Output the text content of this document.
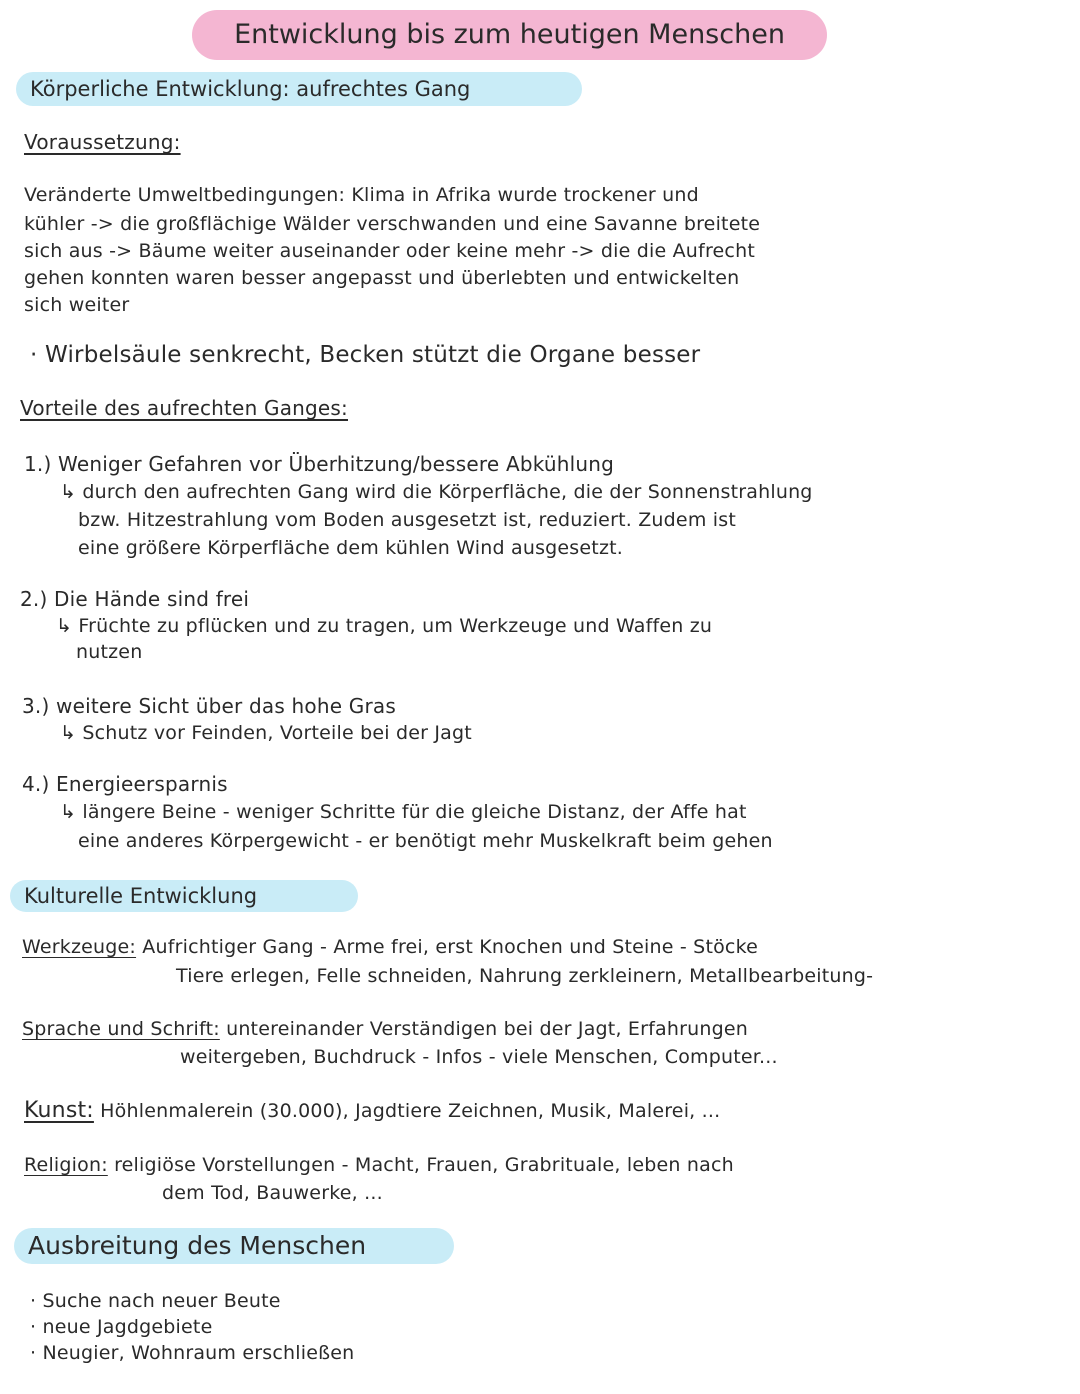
Entwicklung bis zum heutigen Menschen
Körperliche Entwicklung: aufrechtes Gang
Voraussetzung:
Veränderte Umweltbedingungen: Klima in Afrika wurde trockener und
kühler -> die großflächige Wälder verschwanden und eine Savanne breitete
sich aus -> Bäume weiter auseinander oder keine mehr -> die die Aufrecht
gehen konnten waren besser angepasst und überlebten und entwickelten
sich weiter
· Wirbelsäule senkrecht, Becken stützt die Organe besser
Vorteile des aufrechten Ganges:
1.) Weniger Gefahren vor Überhitzung/bessere Abkühlung
↳ durch den aufrechten Gang wird die Körperfläche, die der Sonnenstrahlung
bzw. Hitzestrahlung vom Boden ausgesetzt ist, reduziert. Zudem ist
eine größere Körperfläche dem kühlen Wind ausgesetzt.
2.) Die Hände sind frei
↳ Früchte zu pflücken und zu tragen, um Werkzeuge und Waffen zu
nutzen
3.) weitere Sicht über das hohe Gras
↳ Schutz vor Feinden, Vorteile bei der Jagt
4.) Energieersparnis
↳ längere Beine - weniger Schritte für die gleiche Distanz, der Affe hat
eine anderes Körpergewicht - er benötigt mehr Muskelkraft beim gehen
Kulturelle Entwicklung
Werkzeuge: Aufrichtiger Gang - Arme frei, erst Knochen und Steine - Stöcke
Tiere erlegen, Felle schneiden, Nahrung zerkleinern, Metallbearbeitung-
Sprache und Schrift: untereinander Verständigen bei der Jagt, Erfahrungen
weitergeben, Buchdruck - Infos - viele Menschen, Computer...
Kunst: Höhlenmalerein (30.000), Jagdtiere Zeichnen, Musik, Malerei, ...
Religion: religiöse Vorstellungen - Macht, Frauen, Grabrituale, leben nach
dem Tod, Bauwerke, ...
Ausbreitung des Menschen
· Suche nach neuer Beute
· neue Jagdgebiete
· Neugier, Wohnraum erschließen
